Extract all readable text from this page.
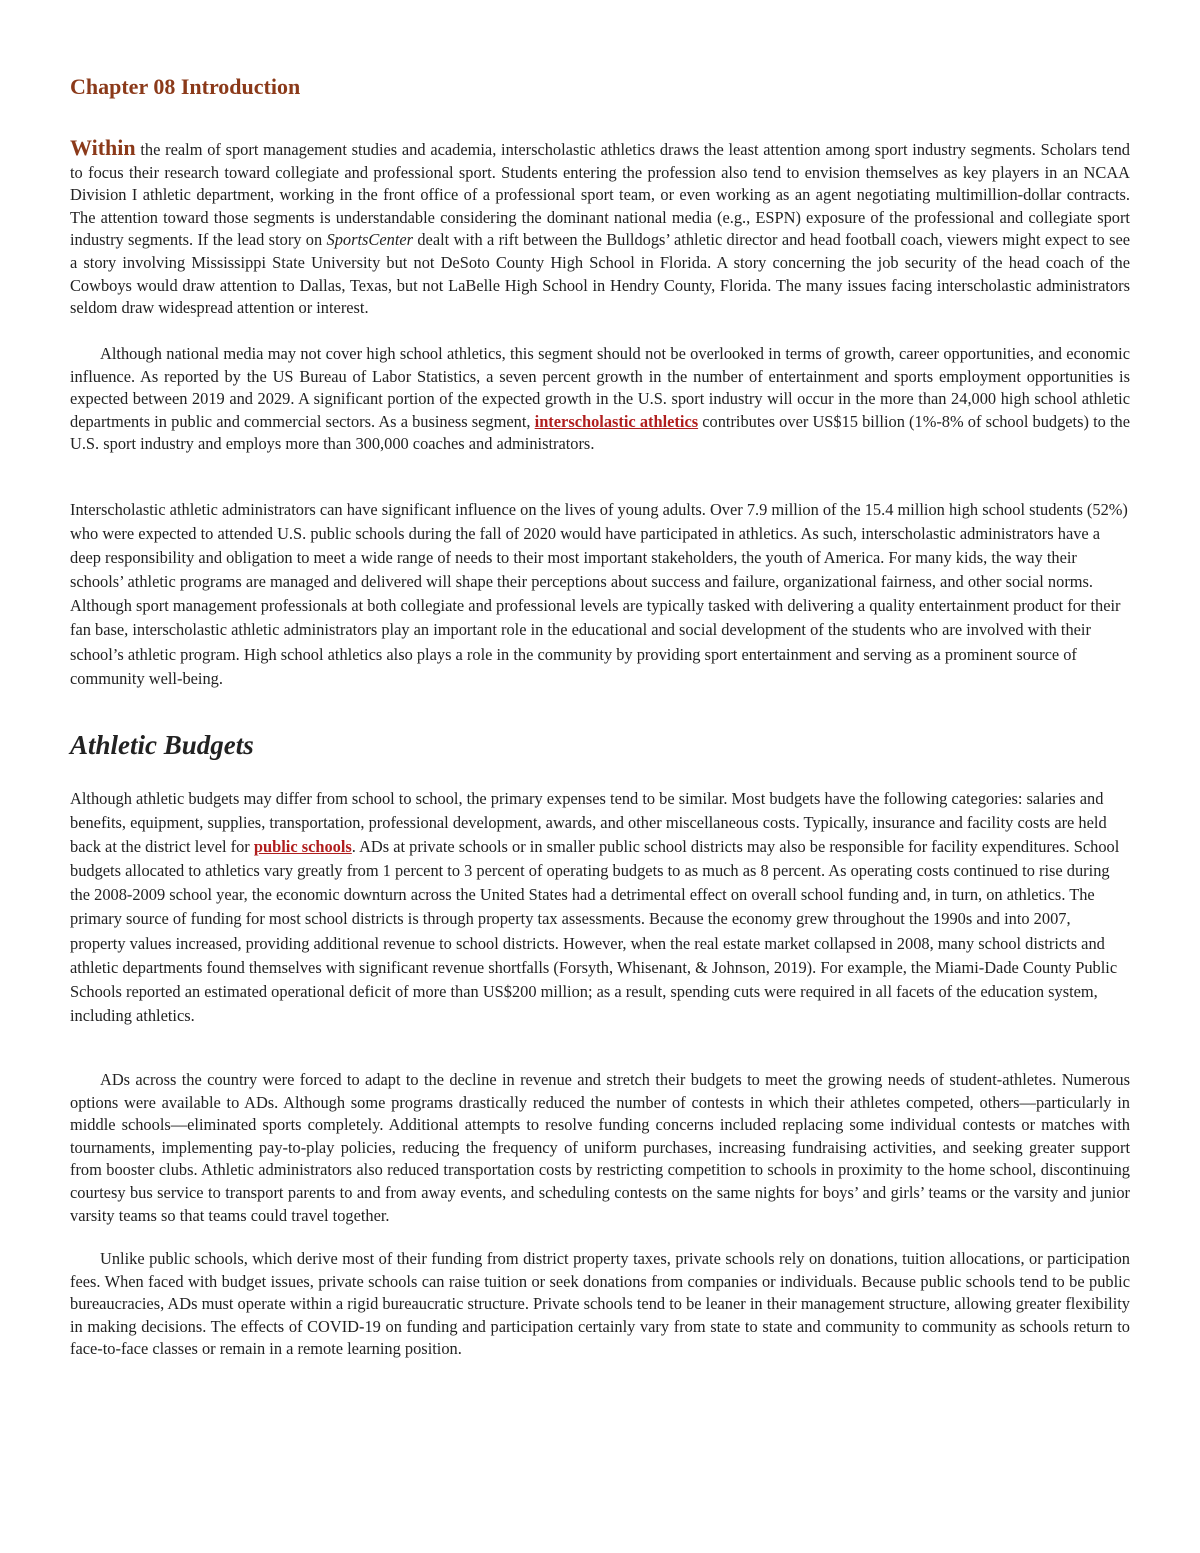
Chapter 08 Introduction

Within the realm of sport management studies and academia, interscholastic athletics draws the least attention among sport industry segments. Scholars tend to focus their research toward collegiate and professional sport. Students entering the profession also tend to envision themselves as key players in an NCAA Division I athletic department, working in the front office of a professional sport team, or even working as an agent negotiating multimillion-dollar contracts. The attention toward those segments is understandable considering the dominant national media (e.g., ESPN) exposure of the professional and collegiate sport industry segments. If the lead story on SportsCenter dealt with a rift between the Bulldogs’ athletic director and head football coach, viewers might expect to see a story involving Mississippi State University but not DeSoto County High School in Florida. A story concerning the job security of the head coach of the Cowboys would draw attention to Dallas, Texas, but not LaBelle High School in Hendry County, Florida. The many issues facing interscholastic administrators seldom draw widespread attention or interest.

Although national media may not cover high school athletics, this segment should not be overlooked in terms of growth, career opportunities, and economic influence. As reported by the US Bureau of Labor Statistics, a seven percent growth in the number of entertainment and sports employment opportunities is expected between 2019 and 2029. A significant portion of the expected growth in the U.S. sport industry will occur in the more than 24,000 high school athletic departments in public and commercial sectors. As a business segment, interscholastic athletics contributes over US$15 billion (1%-8% of school budgets) to the U.S. sport industry and employs more than 300,000 coaches and administrators.

Interscholastic athletic administrators can have significant influence on the lives of young adults. Over 7.9 million of the 15.4 million high school students (52%) who were expected to attended U.S. public schools during the fall of 2020 would have participated in athletics. As such, interscholastic administrators have a deep responsibility and obligation to meet a wide range of needs to their most important stakeholders, the youth of America. For many kids, the way their schools’ athletic programs are managed and delivered will shape their perceptions about success and failure, organizational fairness, and other social norms. Although sport management professionals at both collegiate and professional levels are typically tasked with delivering a quality entertainment product for their fan base, interscholastic athletic administrators play an important role in the educational and social development of the students who are involved with their school’s athletic program. High school athletics also plays a role in the community by providing sport entertainment and serving as a prominent source of community well-being.

Athletic Budgets

Although athletic budgets may differ from school to school, the primary expenses tend to be similar. Most budgets have the following categories: salaries and benefits, equipment, supplies, transportation, professional development, awards, and other miscellaneous costs. Typically, insurance and facility costs are held back at the district level for public schools. ADs at private schools or in smaller public school districts may also be responsible for facility expenditures. School budgets allocated to athletics vary greatly from 1 percent to 3 percent of operating budgets to as much as 8 percent. As operating costs continued to rise during the 2008-2009 school year, the economic downturn across the United States had a detrimental effect on overall school funding and, in turn, on athletics. The primary source of funding for most school districts is through property tax assessments. Because the economy grew throughout the 1990s and into 2007, property values increased, providing additional revenue to school districts. However, when the real estate market collapsed in 2008, many school districts and athletic departments found themselves with significant revenue shortfalls (Forsyth, Whisenant, & Johnson, 2019). For example, the Miami-Dade County Public Schools reported an estimated operational deficit of more than US$200 million; as a result, spending cuts were required in all facets of the education system, including athletics.

ADs across the country were forced to adapt to the decline in revenue and stretch their budgets to meet the growing needs of student-athletes. Numerous options were available to ADs. Although some programs drastically reduced the number of contests in which their athletes competed, others—particularly in middle schools—eliminated sports completely. Additional attempts to resolve funding concerns included replacing some individual contests or matches with tournaments, implementing pay-to-play policies, reducing the frequency of uniform purchases, increasing fundraising activities, and seeking greater support from booster clubs. Athletic administrators also reduced transportation costs by restricting competition to schools in proximity to the home school, discontinuing courtesy bus service to transport parents to and from away events, and scheduling contests on the same nights for boys’ and girls’ teams or the varsity and junior varsity teams so that teams could travel together.

Unlike public schools, which derive most of their funding from district property taxes, private schools rely on donations, tuition allocations, or participation fees. When faced with budget issues, private schools can raise tuition or seek donations from companies or individuals. Because public schools tend to be public bureaucracies, ADs must operate within a rigid bureaucratic structure. Private schools tend to be leaner in their management structure, allowing greater flexibility in making decisions. The effects of COVID-19 on funding and participation certainly vary from state to state and community to community as schools return to face-to-face classes or remain in a remote learning position.
